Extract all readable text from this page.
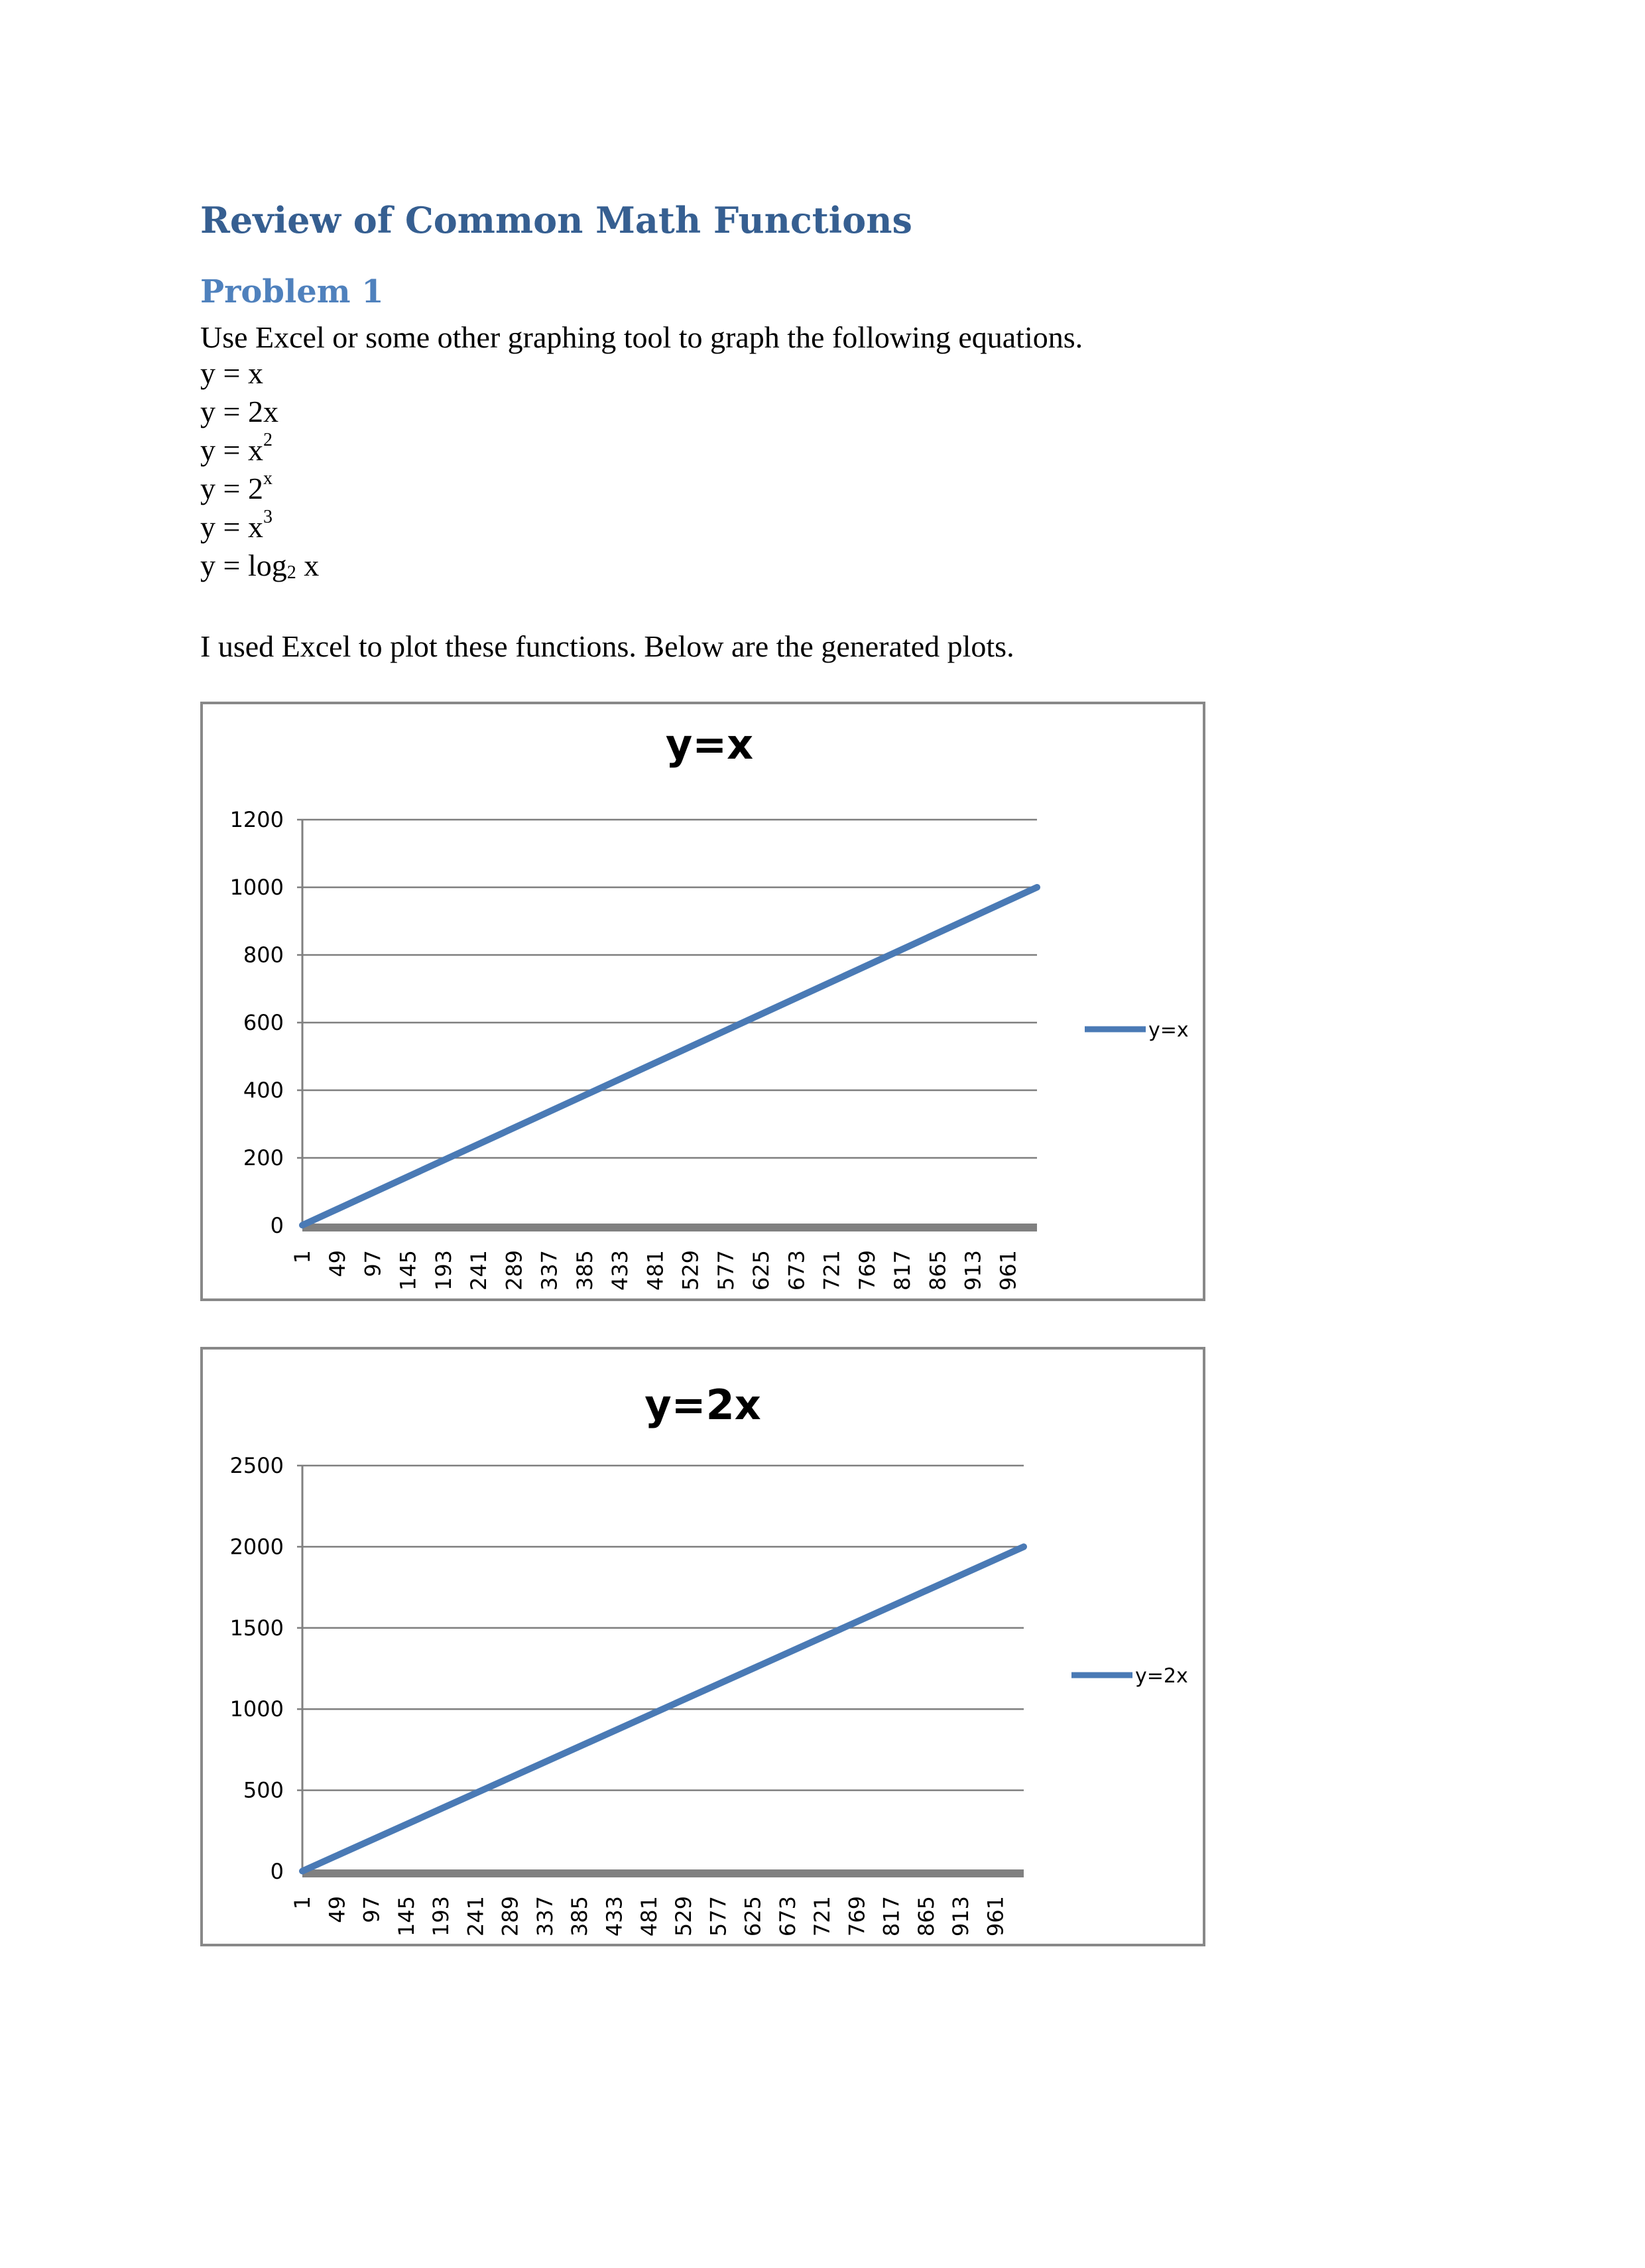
Review of Common Math Functions
Problem 1

Use Excel or some other graphing tool to graph the following equations.

y = x
y = 2x
$y = x^2$
$y = 2^x$
$y = x^3$
$y = \log_2 x$

I used Excel to plot these functions. Below are the generated plots.

y=x
0
200
400
600
800
1000
1200
1 49 97 145 193 241 289 337 385 433 481 529 577 625 673 721 769 817 865 913 961
y=x
y=2x
0
500
1000
1500
2000
2500
1 49 97 145 193 241 289 337 385 433 481 529 577 625 673 721 769 817 865 913 961
y=2x
